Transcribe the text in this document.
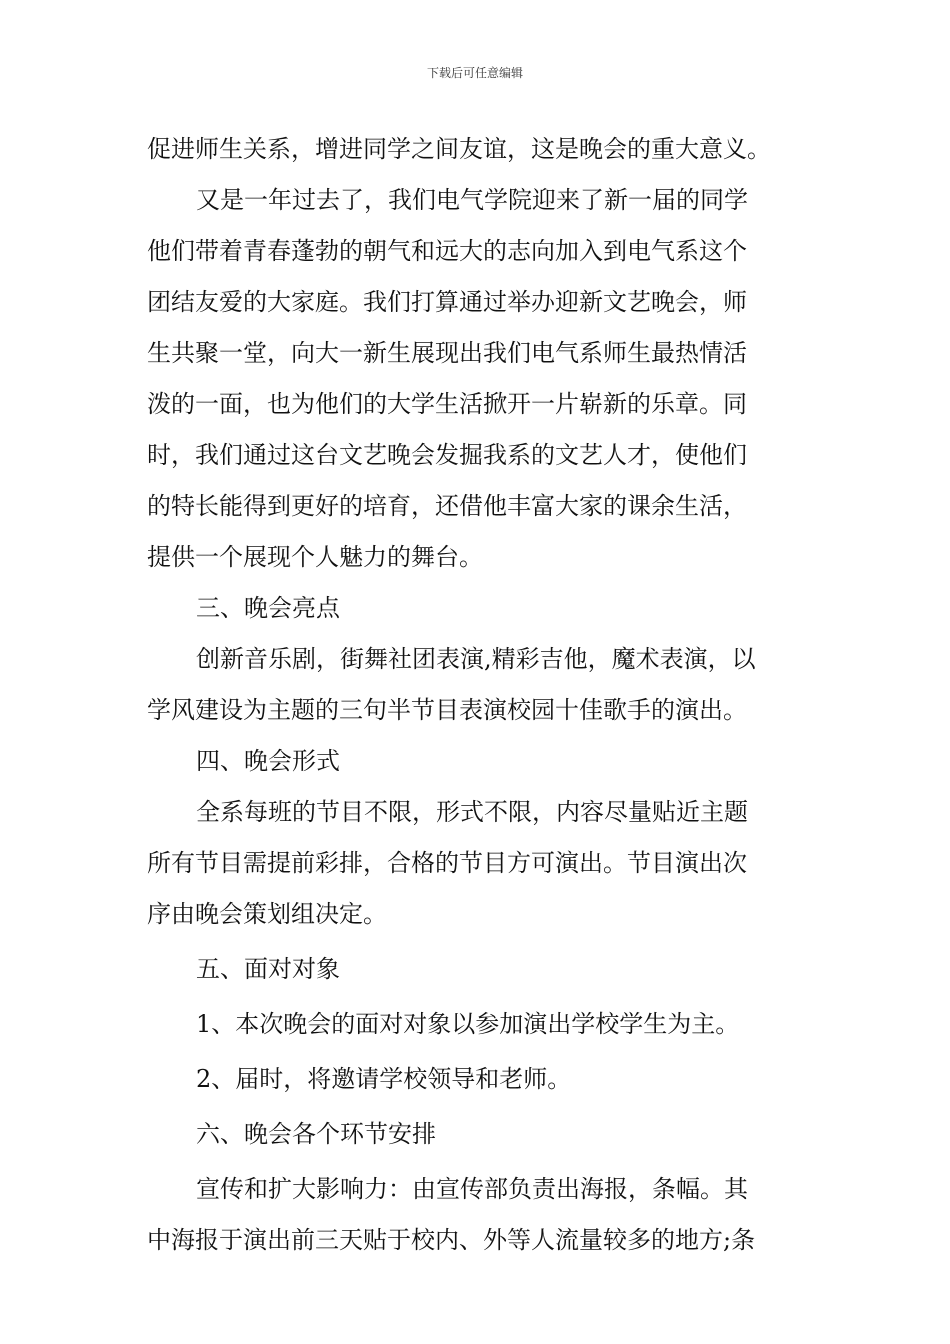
下载后可任意编辑
促进师生关系，增进同学之间友谊，这是晚会的重大意义。
又是一年过去了，我们电气学院迎来了新一届的同学
他们带着青春蓬勃的朝气和远大的志向加入到电气系这个
团结友爱的大家庭。我们打算通过举办迎新文艺晚会，师
生共聚一堂，向大一新生展现出我们电气系师生最热情活
泼的一面，也为他们的大学生活掀开一片崭新的乐章。同
时，我们通过这台文艺晚会发掘我系的文艺人才，使他们
的特长能得到更好的培育，还借他丰富大家的课余生活，
提供一个展现个人魅力的舞台。
三、晚会亮点
创新音乐剧，街舞社团表演,精彩吉他，魔术表演，以
学风建设为主题的三句半节目表演校园十佳歌手的演出。
四、晚会形式
全系每班的节目不限，形式不限，内容尽量贴近主题
所有节目需提前彩排，合格的节目方可演出。节目演出次
序由晚会策划组决定。
五、面对对象
1、本次晚会的面对对象以参加演出学校学生为主。
2、届时，将邀请学校领导和老师。
六、晚会各个环节安排
宣传和扩大影响力：由宣传部负责出海报，条幅。其
中海报于演出前三天贴于校内、外等人流量较多的地方;条
